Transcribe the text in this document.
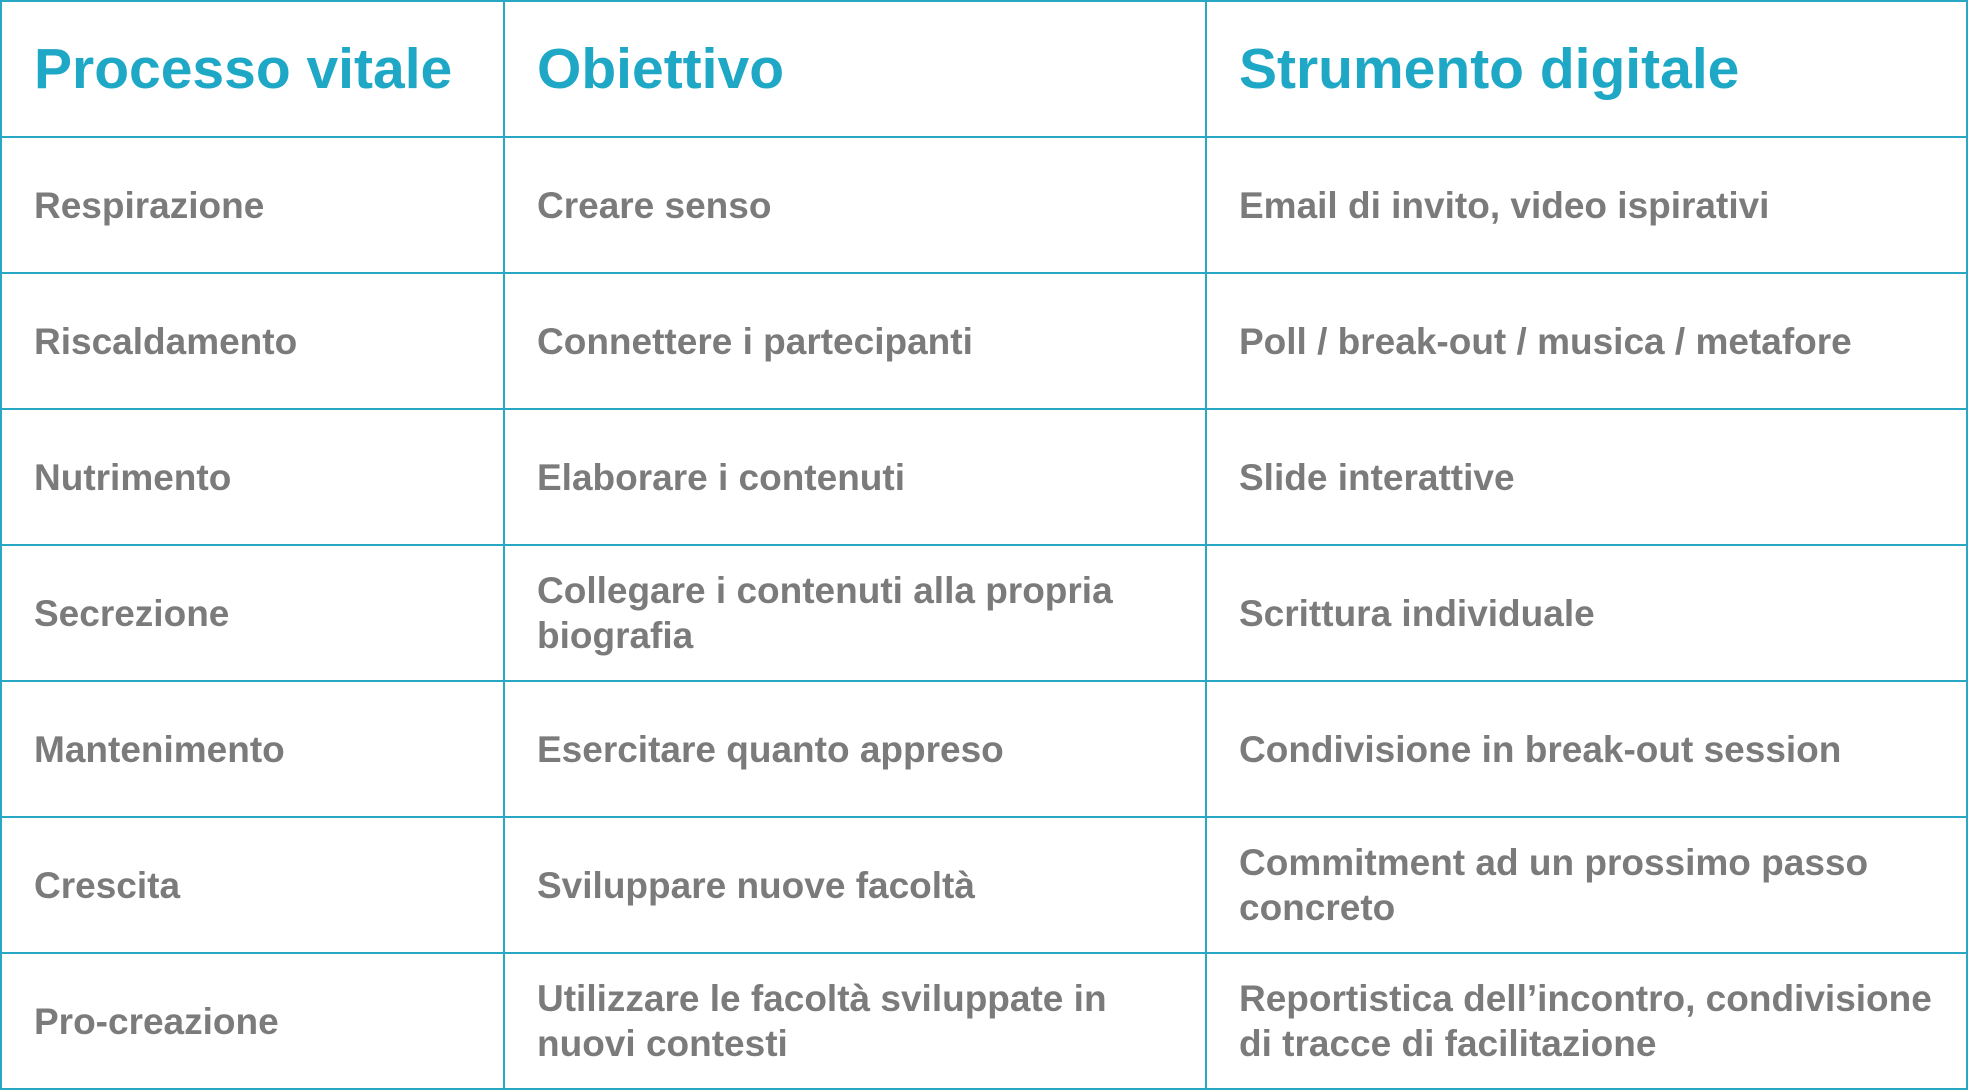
Processo vitale	Obiettivo	Strumento digitale
Respirazione	Creare senso	Email di invito, video ispirativi
Riscaldamento	Connettere i partecipanti	Poll / break-out / musica / metafore
Nutrimento	Elaborare i contenuti	Slide interattive
Secrezione	Collegare i contenuti alla propria biografia	Scrittura individuale
Mantenimento	Esercitare quanto appreso	Condivisione in break-out session
Crescita	Sviluppare nuove facoltà	Commitment ad un prossimo passo concreto
Pro-creazione	Utilizzare le facoltà sviluppate in nuovi contesti	Reportistica dell’incontro, condivisione di tracce di facilitazione
